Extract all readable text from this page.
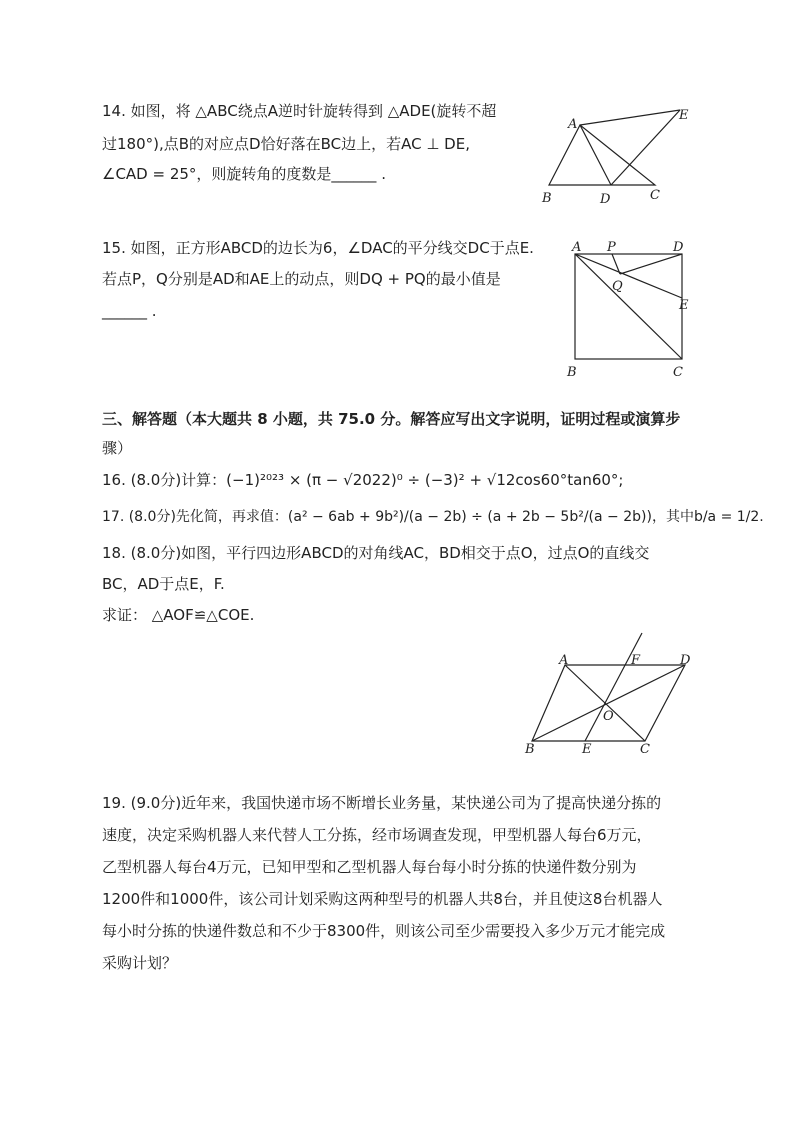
14. 如图，将 △ABC绕点A逆时针旋转得到 △ADE(旋转不超
过180°),点B的对应点D恰好落在BC边上，若AC ⊥ DE,
∠CAD = 25°，则旋转角的度数是______ .
A
E
B	D	C
15. 如图，正方形ABCD的边长为6，∠DAC的平分线交DC于点E.
若点P，Q分别是AD和AE上的动点，则DQ + PQ的最小值是
______ .
A P	D
Q
E
B	C
三、解答题（本大题共 8 小题，共 75.0 分。解答应写出文字说明，证明过程或演算步
骤）
16. (8.0分)计算：(−1)²⁰²³ × (π − √2022)⁰ ÷ (−3)² + √12cos60°tan60°;
17. (8.0分)先化简，再求值：(a² − 6ab + 9b²)/(a − 2b) ÷ (a + 2b − 5b²/(a − 2b))，其中b/a = 1/2.
18. (8.0分)如图，平行四边形ABCD的对角线AC，BD相交于点O，过点O的直线交
BC，AD于点E，F.
求证： △AOF≌△COE.
A	F	D
O
B	E	C
19. (9.0分)近年来，我国快递市场不断增长业务量，某快递公司为了提高快递分拣的
速度，决定采购机器人来代替人工分拣，经市场调查发现，甲型机器人每台6万元，
乙型机器人每台4万元，已知甲型和乙型机器人每台每小时分拣的快递件数分别为
1200件和1000件，该公司计划采购这两种型号的机器人共8台，并且使这8台机器人
每小时分拣的快递件数总和不少于8300件，则该公司至少需要投入多少万元才能完成
采购计划？
